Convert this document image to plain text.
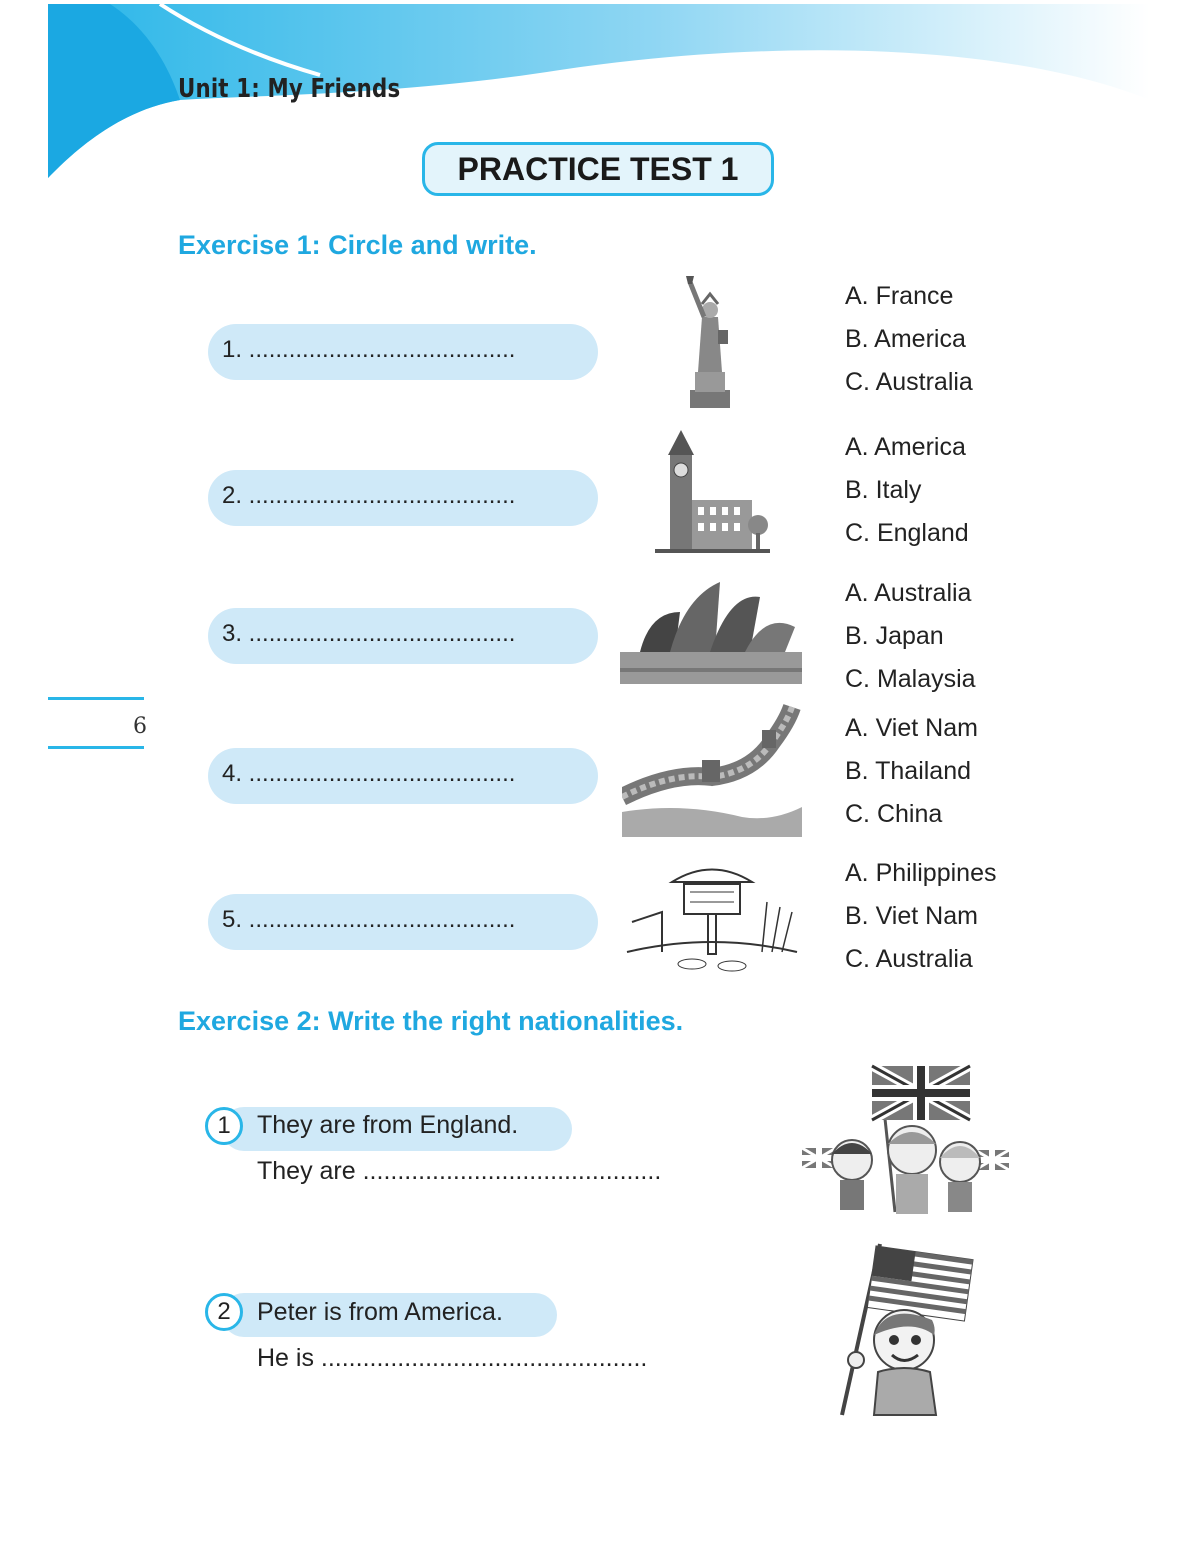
Unit 1: My Friends
PRACTICE TEST 1
6
Exercise 1: Circle and write.
1. ........................................
A. France
B. America
C. Australia
2. ........................................
A. America
B. Italy
C. England
3. ........................................
A. Australia
B. Japan
C. Malaysia
4. ........................................
A. Viet Nam
B. Thailand
C. China
5. ........................................
A. Philippines
B. Viet Nam
C. Australia
Exercise 2: Write the right nationalities.
1	They are from England.
They are ...........................................
2	Peter is from America.
He is ...............................................
